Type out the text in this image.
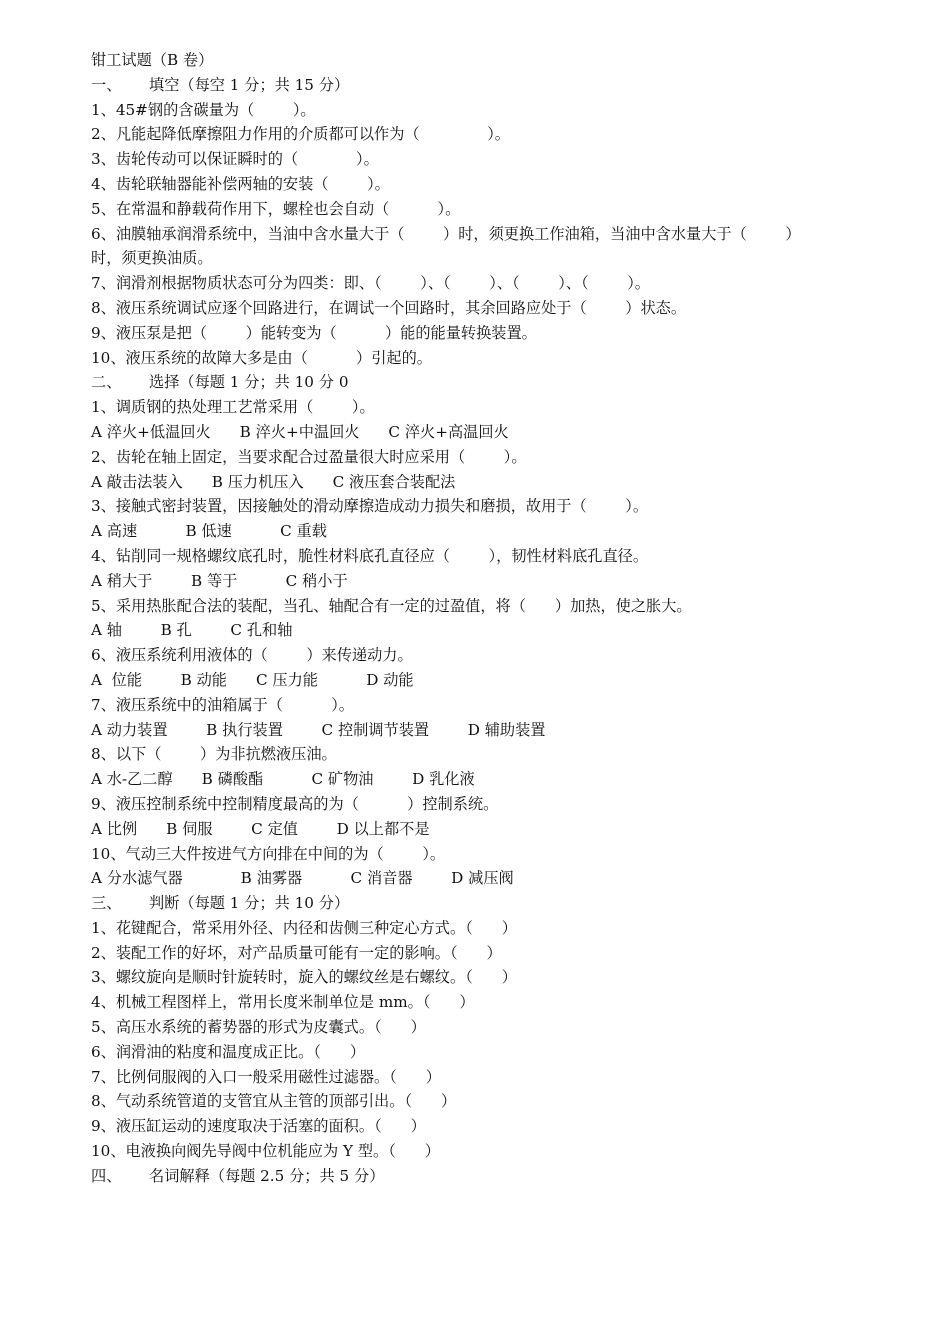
钳工试题（B 卷）
一、 填空（每空 1 分；共 15 分）
1、45#钢的含碳量为（        ）。
2、凡能起降低摩擦阻力作用的介质都可以作为（              ）。
3、齿轮传动可以保证瞬时的（            ）。
4、齿轮联轴器能补偿两轴的安装（        ）。
5、在常温和静载荷作用下，螺栓也会自动（          ）。
6、油膜轴承润滑系统中，当油中含水量大于（        ）时，须更换工作油箱，当油中含水量大于（        ）
时，须更换油质。
7、润滑剂根据物质状态可分为四类：即、（        ）、（        ）、（        ）、（        ）。
8、液压系统调试应逐个回路进行，在调试一个回路时，其余回路应处于（        ）状态。
9、液压泵是把（        ）能转变为（          ）能的能量转换装置。
10、液压系统的故障大多是由（          ）引起的。
二、 选择（每题 1 分；共 10 分 0
1、调质钢的热处理工艺常采用（        ）。
A 淬火+低温回火      B 淬火+中温回火      C 淬火+高温回火
2、齿轮在轴上固定，当要求配合过盈量很大时应采用（        ）。
A 敲击法装入      B 压力机压入      C 液压套合装配法
3、接触式密封装置，因接触处的滑动摩擦造成动力损失和磨损，故用于（        ）。
A 高速          B 低速          C 重载
4、钻削同一规格螺纹底孔时，脆性材料底孔直径应（        ），韧性材料底孔直径。
A 稍大于        B 等于          C 稍小于
5、采用热胀配合法的装配，当孔、轴配合有一定的过盈值，将（      ）加热，使之胀大。
A 轴        B 孔        C 孔和轴
6、液压系统利用液体的（        ）来传递动力。
A  位能        B 动能      C 压力能          D 动能
7、液压系统中的油箱属于（          ）。
A 动力装置        B 执行装置        C 控制调节装置        D 辅助装置
8、以下（        ）为非抗燃液压油。
A 水-乙二醇      B 磷酸酯          C 矿物油        D 乳化液
9、液压控制系统中控制精度最高的为（          ）控制系统。
A 比例      B 伺服        C 定值        D 以上都不是
10、气动三大件按进气方向排在中间的为（        ）。
A 分水滤气器            B 油雾器          C 消音器        D 减压阀
三、 判断（每题 1 分；共 10 分）
1、花键配合，常采用外径、内径和齿侧三种定心方式。（      ）
2、装配工作的好坏，对产品质量可能有一定的影响。（      ）
3、螺纹旋向是顺时针旋转时，旋入的螺纹丝是右螺纹。（      ）
4、机械工程图样上，常用长度米制单位是 mm。（      ）
5、高压水系统的蓄势器的形式为皮囊式。（      ）
6、润滑油的粘度和温度成正比。（      ）
7、比例伺服阀的入口一般采用磁性过滤器。（      ）
8、气动系统管道的支管宜从主管的顶部引出。（      ）
9、液压缸运动的速度取决于活塞的面积。（      ）
10、电液换向阀先导阀中位机能应为 Y 型。（      ）
四、 名词解释（每题 2.5 分；共 5 分）
